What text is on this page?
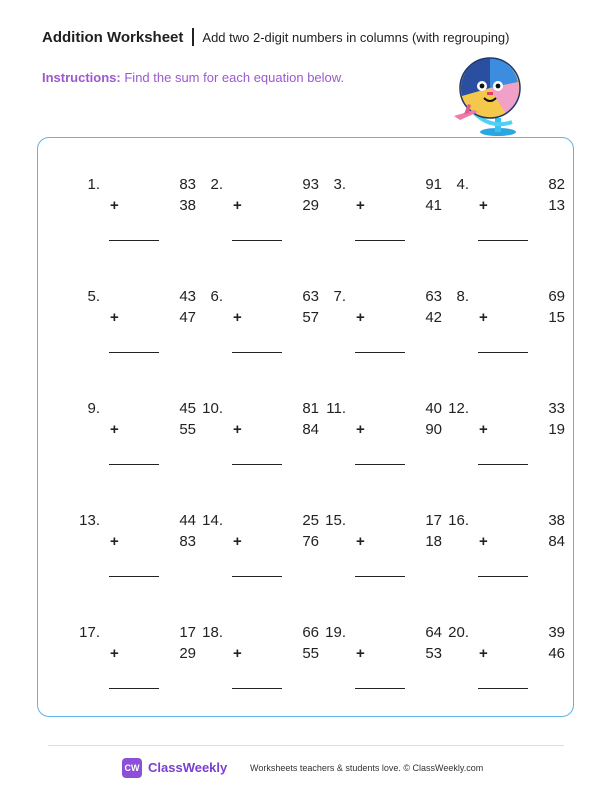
Addition Worksheet Add two 2-digit numbers in columns (with regrouping)
Instructions: Find the sum for each equation below.
1.	83
+	38
2.	93
+	29
3.	91
+	41
4.	82
+	13
5.	43
+	47
6.	63
+	57
7.	63
+	42
8.	69
+	15
9.	45
+	55
10.	81
+	84
11.	40
+	90
12.	33
+	19
13.	44
+	83
14.	25
+	76
15.	17
+	18
16.	38
+	84
17.	17
+	29
18.	66
+	55
19.	64
+	53
20.	39
+	46
CW ClassWeekly	Worksheets teachers & students love. © ClassWeekly.com
